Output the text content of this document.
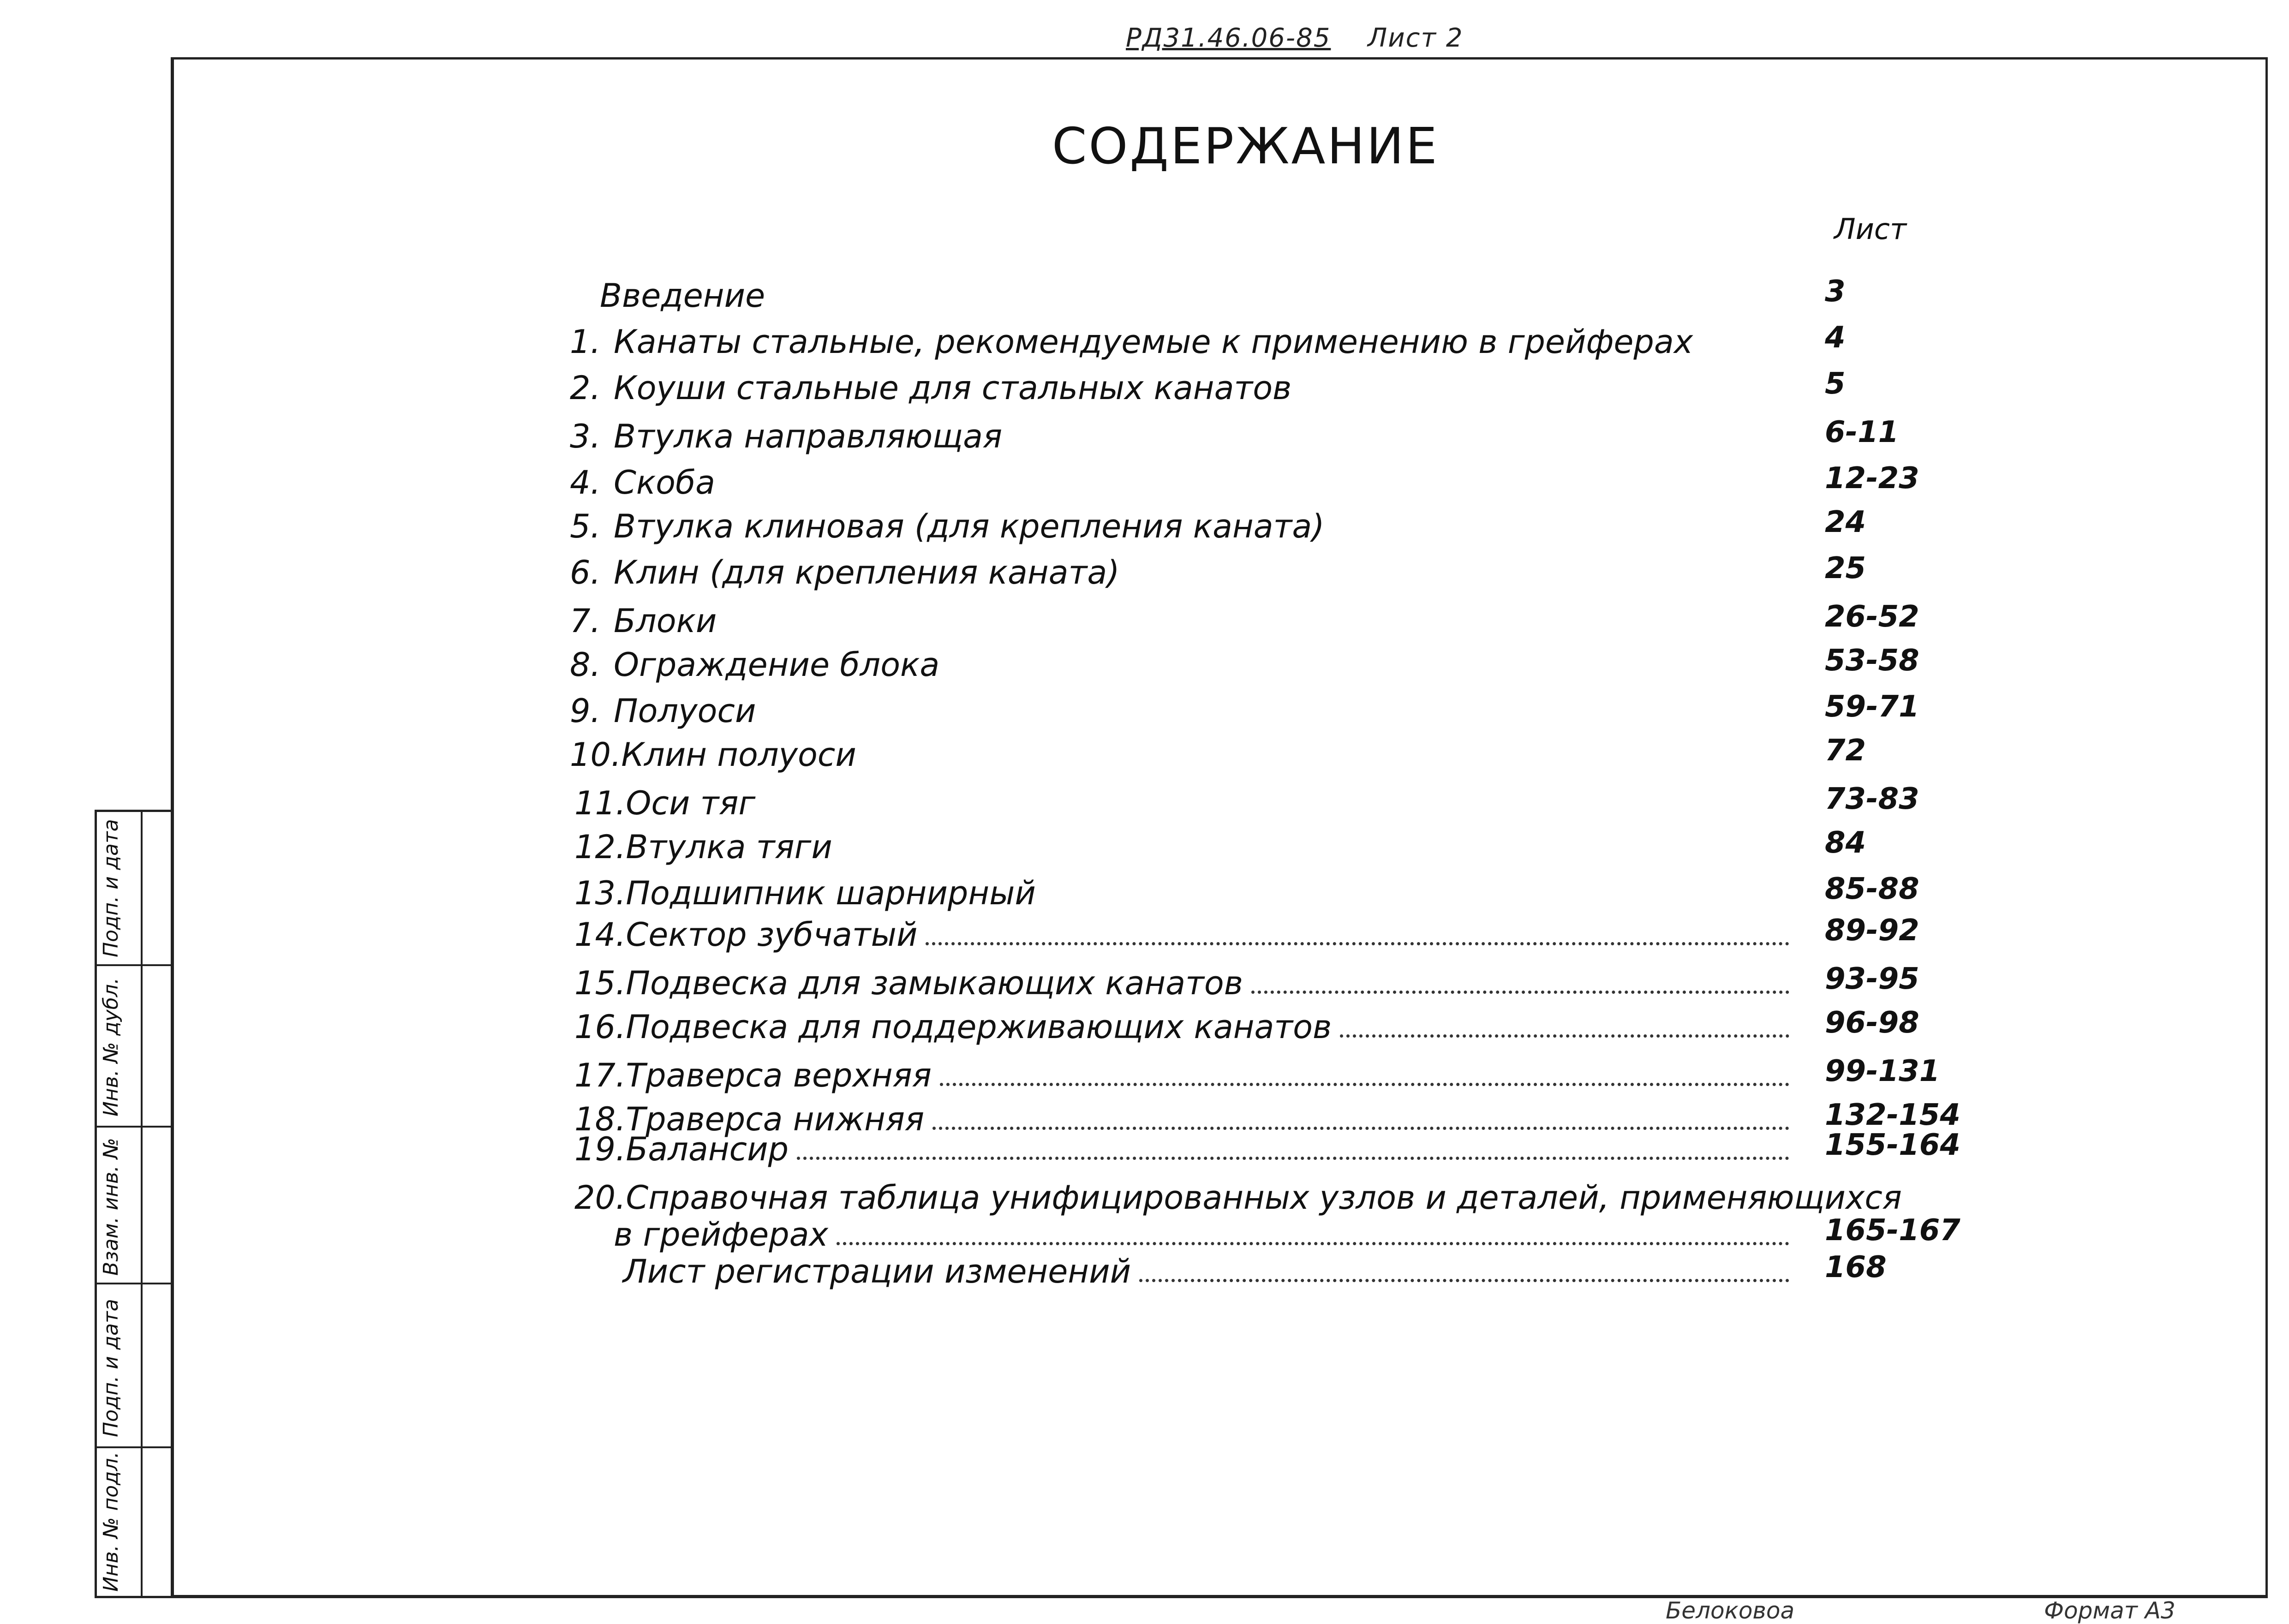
РД31.46.06-85 Лист 2
СОДЕРЖАНИЕ
Лист
Введение	3
1. Канаты стальные, рекомендуемые к применению в грейферах	4
2. Коуши стальные для стальных канатов	5
3. Втулка направляющая	6-11
4. Скоба	12-23
5. Втулка клиновая (для крепления каната)	24
6. Клин (для крепления каната)	25
7. Блоки	26-52
8. Ограждение блока	53-58
9. Полуоси	59-71
10.Клин полуоси	72
11.Оси тяг	73-83
12.Втулка тяги	84
13.Подшипник шарнирный	85-88
14.Сектор зубчатый	89-92
15.Подвеска для замыкающих канатов	93-95
16.Подвеска для поддерживающих канатов	96-98
17.Траверса верхняя	99-131
18.Траверса нижняя	132-154
19.Балансир	155-164
20.Справочная таблица унифицированных узлов и деталей, применяющихся
в грейферах	165-167
Лист регистрации изменений	168
Подп. и дата
Инв. № дубл.
Взам. инв. №
Подп. и дата
Инв. № подл.
Белоковоа	Формат А3
